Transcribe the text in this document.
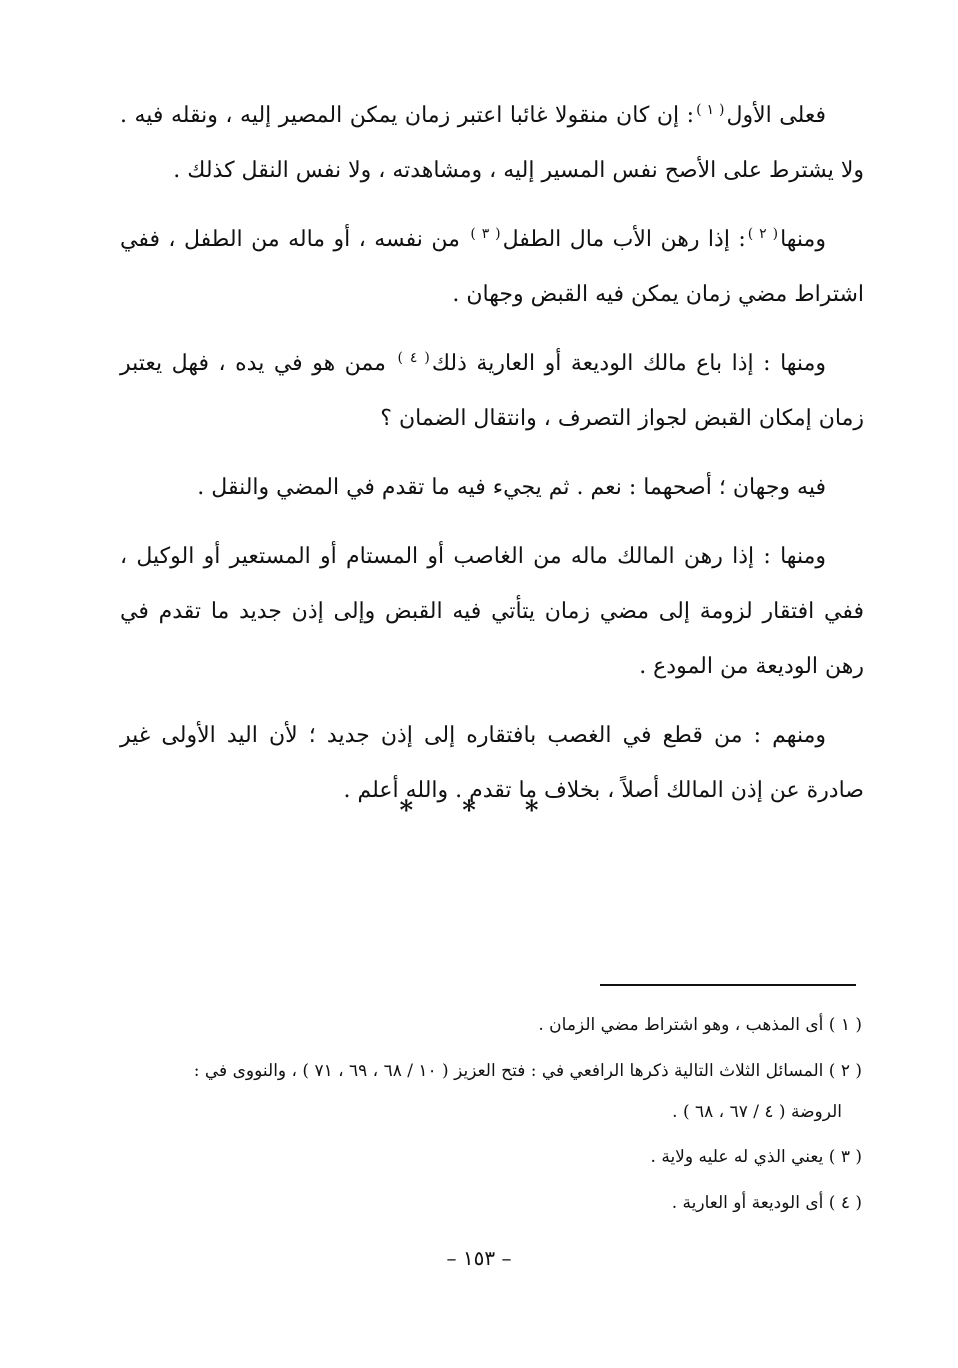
فعلى الأول$^{( ١ )}$: إن كان منقولا غائبا اعتبر زمان يمكن المصير إليه ، ونقله فيه . ولا يشترط على الأصح نفس المسير إليه ، ومشاهدته ، ولا نفس النقل كذلك .

ومنها$^{( ٢ )}$: إذا رهن الأب مال الطفل$^{( ٣ )}$ من نفسه ، أو ماله من الطفل ، ففي اشتراط مضي زمان يمكن فيه القبض وجهان .

ومنها : إذا باع مالك الوديعة أو العارية ذلك$^{( ٤ )}$ ممن هو في يده ، فهل يعتبر زمان إمكان القبض لجواز التصرف ، وانتقال الضمان ؟

فيه وجهان ؛ أصحهما : نعم . ثم يجيء فيه ما تقدم في المضي والنقل .

ومنها : إذا رهن المالك ماله من الغاصب أو المستام أو المستعير أو الوكيل ، ففي افتقار لزومة إلى مضي زمان يتأتي فيه القبض وإلى إذن جديد ما تقدم في رهن الوديعة من المودع .

ومنهم : من قطع في الغصب بافتقاره إلى إذن جديد ؛ لأن اليد الأولى غير صادرة عن إذن المالك أصلاً ، بخلاف ما تقدم . والله أعلم .

* * *

( ١ ) أى المذهب ، وهو اشتراط مضي الزمان .

( ٢ ) المسائل الثلاث التالية ذكرها الرافعي في : فتح العزيز ( ١٠ / ٦٨ ، ٦٩ ، ٧١ ) ، والنووى في :
الروضة ( ٤ / ٦٧ ، ٦٨ ) .

( ٣ ) يعني الذي له عليه ولاية .

( ٤ ) أى الوديعة أو العارية .

– ١٥٣ –
